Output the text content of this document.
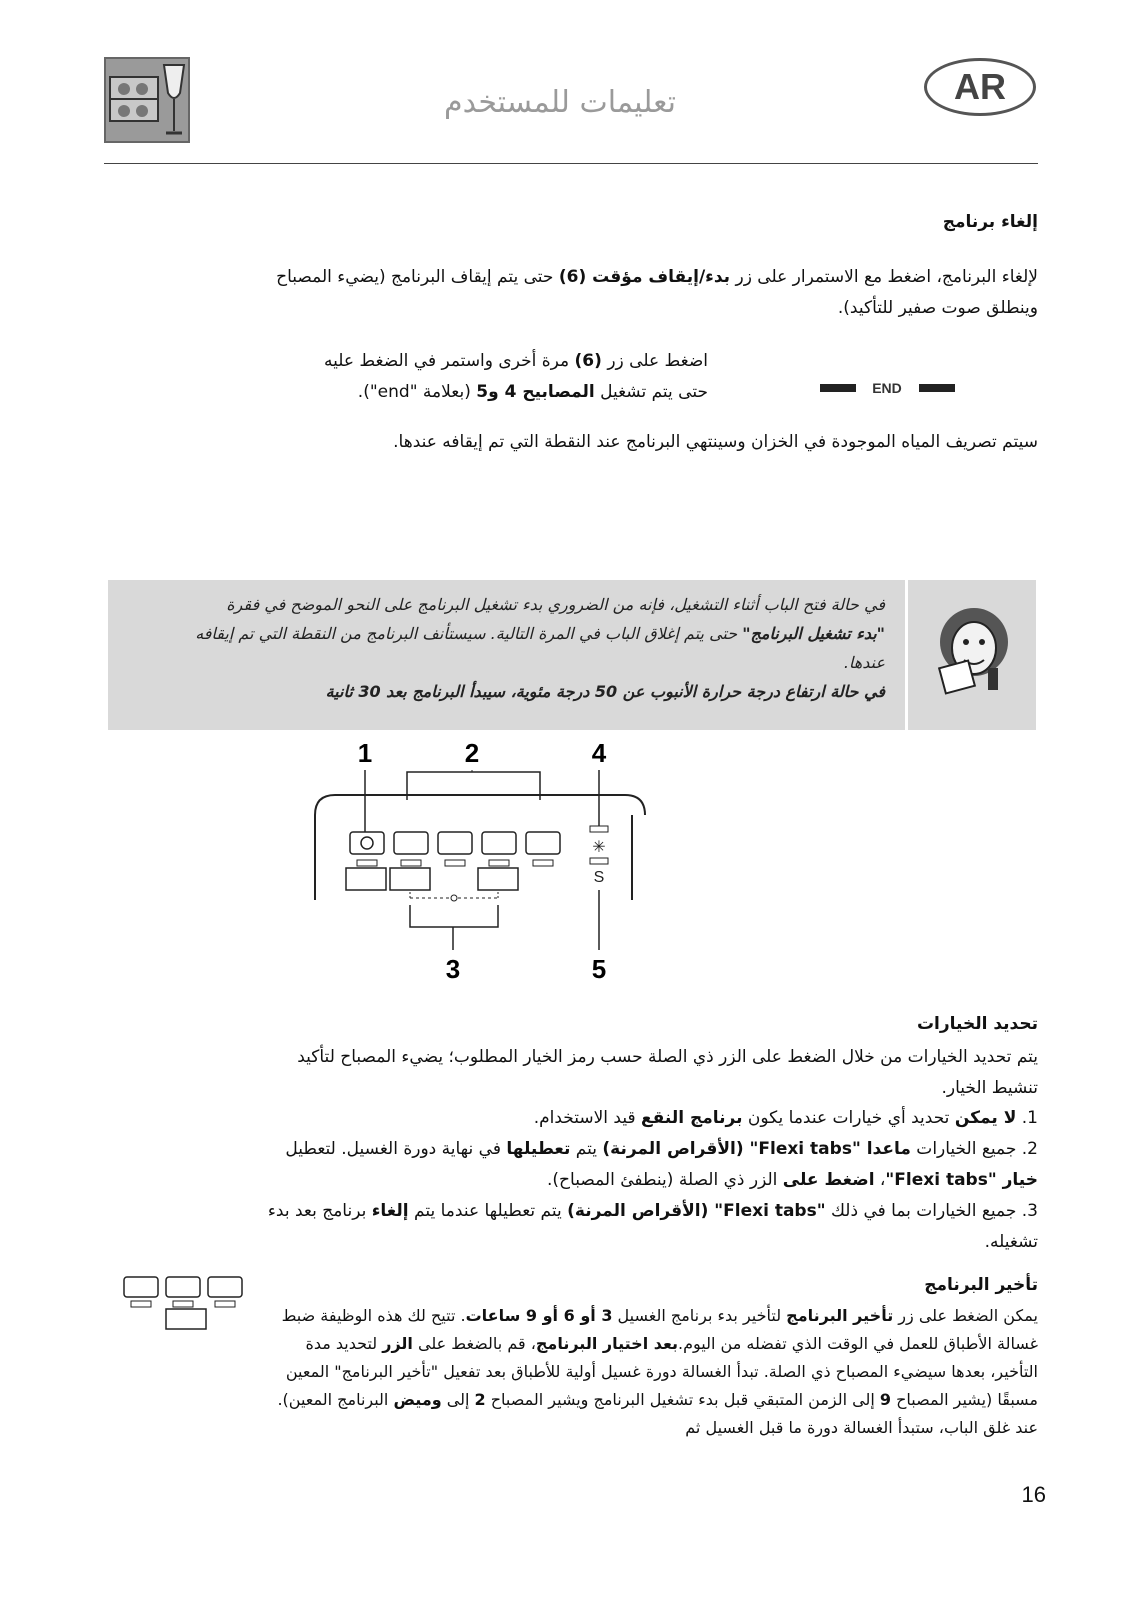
تعليمات للمستخدم	AR
إلغاء برنامج
لإلغاء البرنامج، اضغط مع الاستمرار على زر بدء/إيقاف مؤقت (6) حتى يتم إيقاف البرنامج (يضيء المصباح وينطلق صوت صفير للتأكيد).
اضغط على زر (6) مرة أخرى واستمر في الضغط عليه
حتى يتم تشغيل المصابيح 4 و5 (بعلامة "end").	END
سيتم تصريف المياه الموجودة في الخزان وسينتهي البرنامج عند النقطة التي تم إيقافه عندها.
في حالة فتح الباب أثناء التشغيل، فإنه من الضروري بدء تشغيل البرنامج على النحو الموضح في فقرة
"بدء تشغيل البرنامج" حتى يتم إغلاق الباب في المرة التالية. سيستأنف البرنامج من النقطة التي تم إيقافه
عندها.
في حالة ارتفاع درجة حرارة الأنبوب عن 50 درجة مئوية، سيبدأ البرنامج بعد 30 ثانية
1	2	4
3	5
✳
S
تحديد الخيارات
يتم تحديد الخيارات من خلال الضغط على الزر ذي الصلة حسب رمز الخيار المطلوب؛ يضيء المصباح لتأكيد تنشيط الخيار.
1. لا يمكن تحديد أي خيارات عندما يكون برنامج النقع قيد الاستخدام.
2. جميع الخيارات ماعدا "Flexi tabs" (الأقراص المرنة) يتم تعطيلها في نهاية دورة الغسيل. لتعطيل خيار "Flexi tabs"، اضغط على الزر ذي الصلة (ينطفئ المصباح).
3. جميع الخيارات بما في ذلك "Flexi tabs" (الأقراص المرنة) يتم تعطيلها عندما يتم إلغاء برنامج بعد بدء تشغيله.
تأخير البرنامج
يمكن الضغط على زر تأخير البرنامج لتأخير بدء برنامج الغسيل 3 أو 6 أو 9 ساعات. تتيح لك هذه الوظيفة ضبط غسالة الأطباق للعمل في الوقت الذي تفضله من اليوم.بعد اختيار البرنامج، قم بالضغط على الزر لتحديد مدة التأخير، بعدها سيضيء المصباح ذي الصلة. تبدأ الغسالة دورة غسيل أولية للأطباق بعد تفعيل "تأخير البرنامج" المعين مسبقًا (يشير المصباح 9 إلى الزمن المتبقي قبل بدء تشغيل البرنامج ويشير المصباح 2 إلى وميض البرنامج المعين). عند غلق الباب، ستبدأ الغسالة دورة ما قبل الغسيل ثم
16
